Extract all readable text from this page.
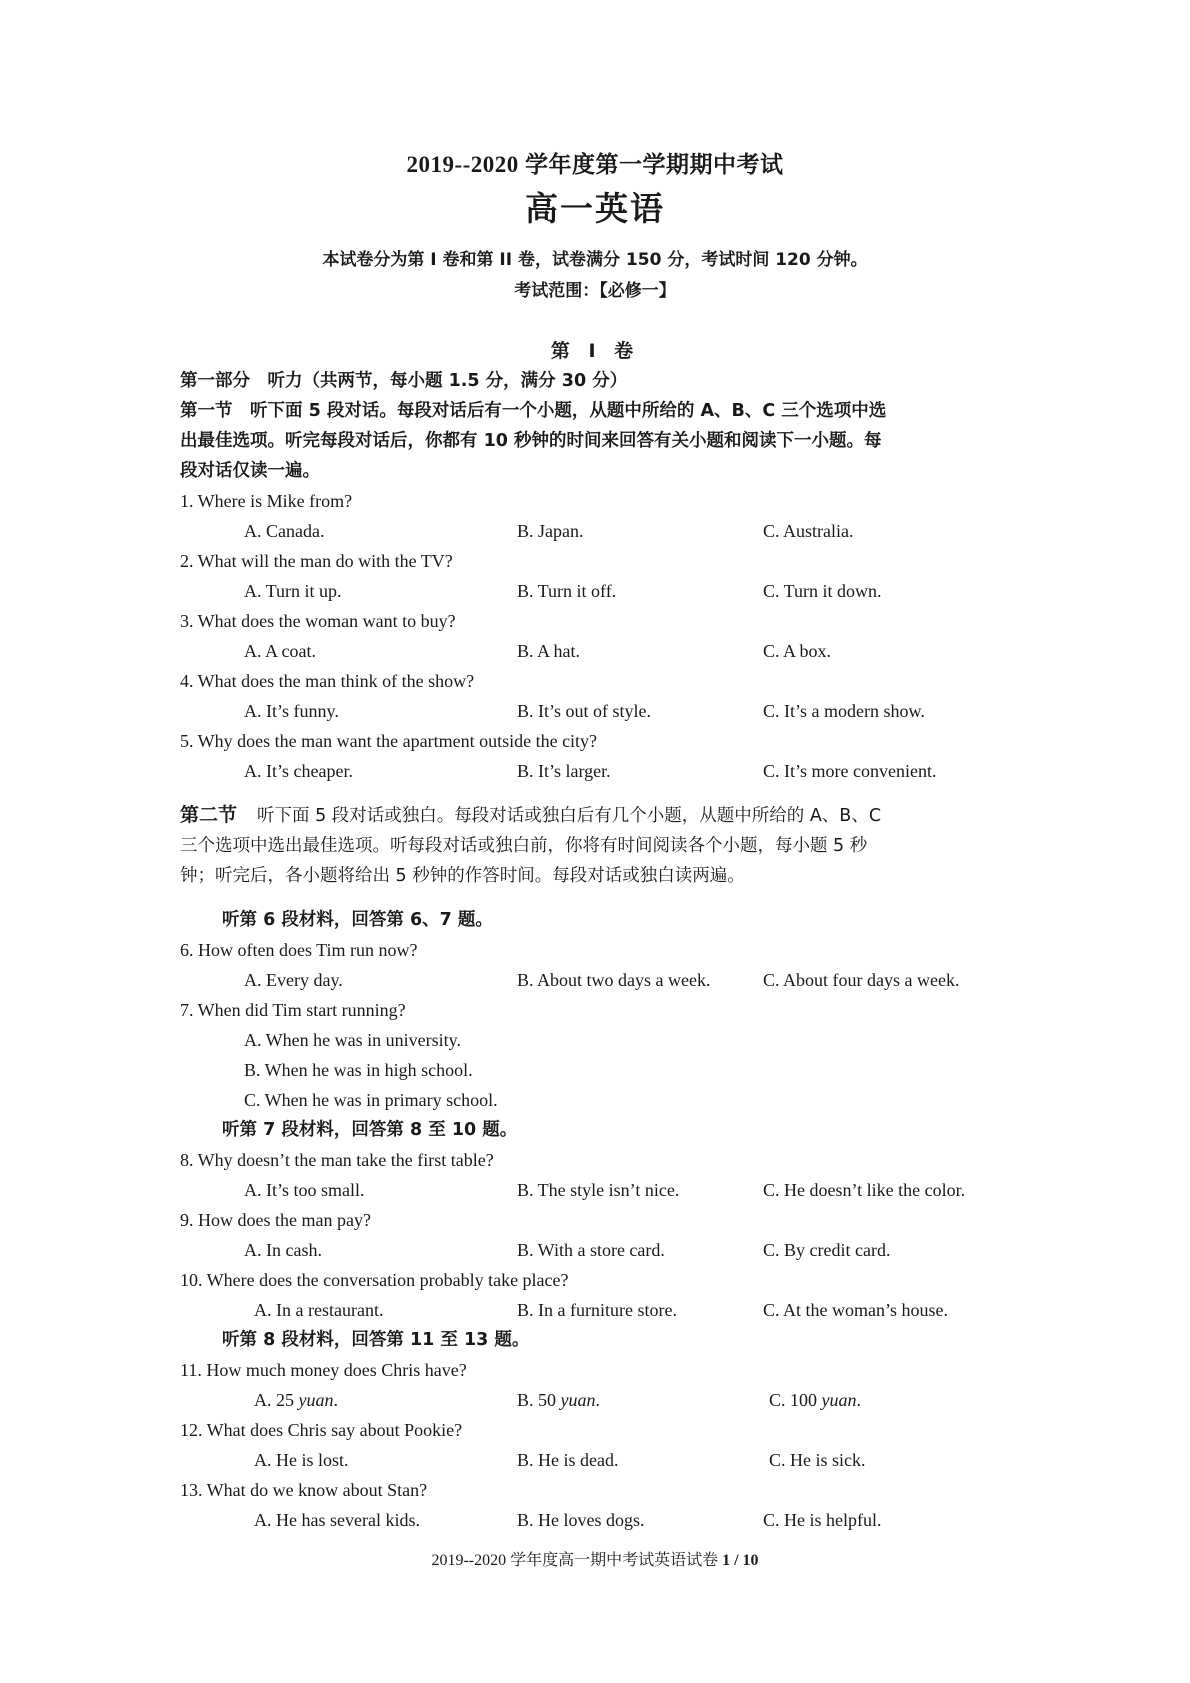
2019--2020 学年度第一学期期中考试
高一英语
本试卷分为第 I 卷和第 II 卷，试卷满分 150 分，考试时间 120 分钟。
考试范围：【必修一】
第 I 卷
第一部分　听力（共两节，每小题 1.5 分，满分 30 分）
第一节　听下面 5 段对话。每段对话后有一个小题，从题中所给的 A、B、C 三个选项中选
出最佳选项。听完每段对话后，你都有 10 秒钟的时间来回答有关小题和阅读下一小题。每
段对话仅读一遍。
1. Where is Mike from?
A. Canada.	B. Japan.	C. Australia.
2. What will the man do with the TV?
A. Turn it up.	B. Turn it off.	C. Turn it down.
3. What does the woman want to buy?
A. A coat.	B. A hat.	C. A box.
4. What does the man think of the show?
A. It’s funny.	B. It’s out of style.	C. It’s a modern show.
5. Why does the man want the apartment outside the city?
A. It’s cheaper.	B. It’s larger.	C. It’s more convenient.
第二节 听下面 5 段对话或独白。每段对话或独白后有几个小题，从题中所给的 A、B、C
三个选项中选出最佳选项。听每段对话或独白前，你将有时间阅读各个小题，每小题 5 秒
钟；听完后，各小题将给出 5 秒钟的作答时间。每段对话或独白读两遍。
听第 6 段材料，回答第 6、7 题。
6. How often does Tim run now?
A. Every day.	B. About two days a week.	C. About four days a week.
7. When did Tim start running?
A. When he was in university.
B. When he was in high school.
C. When he was in primary school.
听第 7 段材料，回答第 8 至 10 题。
8. Why doesn’t the man take the first table?
A. It’s too small.	B. The style isn’t nice.	C. He doesn’t like the color.
9. How does the man pay?
A. In cash.	B. With a store card.	C. By credit card.
10. Where does the conversation probably take place?
A. In a restaurant.	B. In a furniture store.	C. At the woman’s house.
听第 8 段材料，回答第 11 至 13 题。
11. How much money does Chris have?
A. 25 yuan.	B. 50 yuan.	C. 100 yuan.
12. What does Chris say about Pookie?
A. He is lost.	B. He is dead.	C. He is sick.
13. What do we know about Stan?
A. He has several kids.	B. He loves dogs.	C. He is helpful.
2019--2020 学年度高一期中考试英语试卷 1 / 10
